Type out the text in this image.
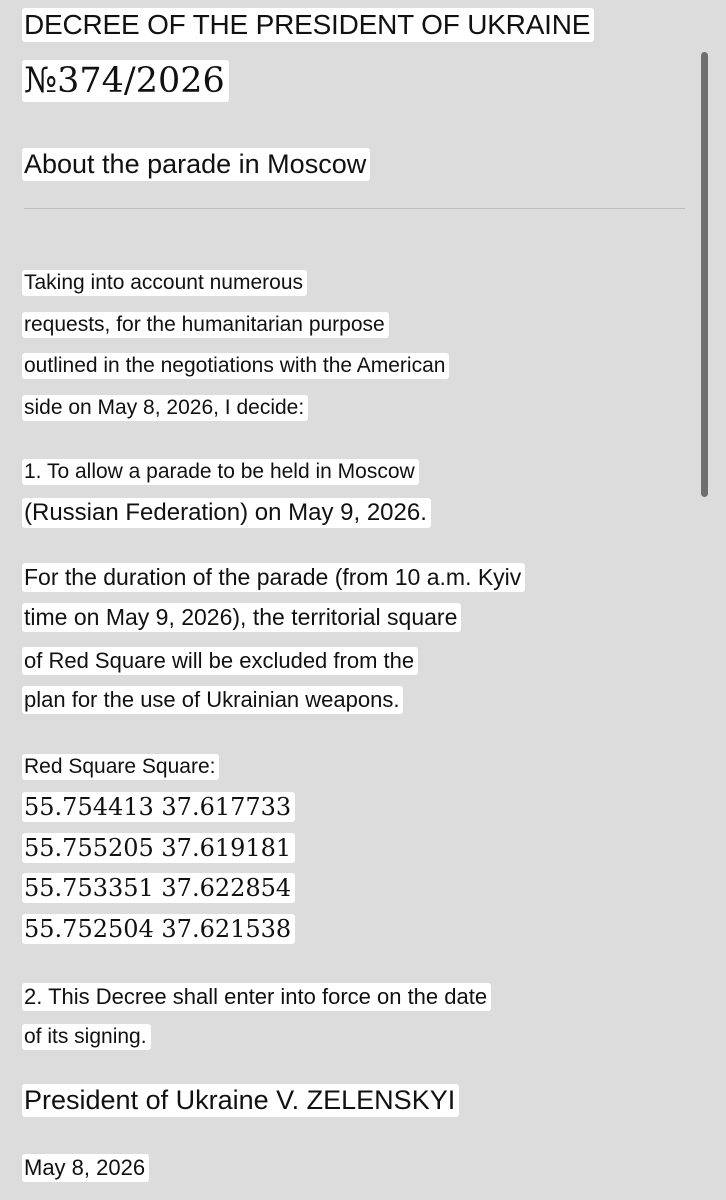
DECREE OF THE PRESIDENT OF UKRAINE
№374/2026
About the parade in Moscow
Taking into account numerous
requests, for the humanitarian purpose
outlined in the negotiations with the American
side on May 8, 2026, I decide:
1. To allow a parade to be held in Moscow
(Russian Federation) on May 9, 2026.
For the duration of the parade (from 10 a.m. Kyiv
time on May 9, 2026), the territorial square
of Red Square will be excluded from the
plan for the use of Ukrainian weapons.
Red Square Square:
55.754413 37.617733
55.755205 37.619181
55.753351 37.622854
55.752504 37.621538
2. This Decree shall enter into force on the date
of its signing.
President of Ukraine V. ZELENSKYI
May 8, 2026
